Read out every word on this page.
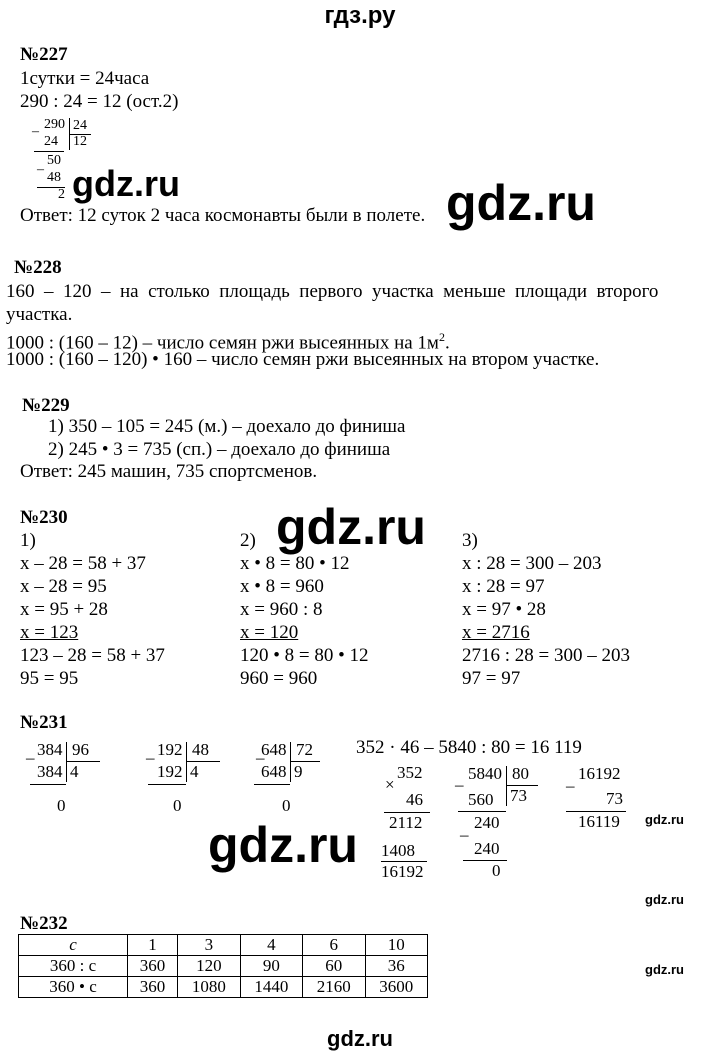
гдз.ру
№227
1сутки = 24часа
290 : 24 = 12 (ост.2)
– 290 24
24 12
50
–
48
2 gdz.ru	gdz.ru
Ответ: 12 суток 2 часа космонавты были в полете.
№228
160  –  120  –  на  столько  площадь  первого  участка  меньше  площади  второго
участка.
1000 : (160 – 12) – число семян ржи высеянных на $1м^2$.
1000 : (160 – 120) • 160 – число семян ржи высеянных на втором участке.
№229
1) 350 – 105 = 245 (м.) – доехало до финиша
2) 245 • 3 = 735 (сп.) – доехало до финиша
Ответ: 245 машин, 735 спортсменов.
№230	gdz.ru
1)
x – 28 = 58 + 37
x – 28 = 95
x = 95 + 28
x = 123
123 – 28 = 58 + 37
95 = 95
2)
x • 8 = 80 • 12
x • 8 = 960
x = 960 : 8
x = 120
120 • 8 = 80 • 12
960 = 960
3)
x : 28 = 300 – 203
x : 28 = 97
x = 97 • 28
x = 2716
2716 : 28 = 300 – 203
97 = 97
№231
352 · 46 – 5840 : 80 = 16 119
– 384 96
384 4
0
– 192 48
192 4
0
–
648 72
648 9
0
×
352
46
2112
1408
16192
–
5840 80
560 73
240
–
240
0
–
16192
73
16119 gdz.ru
gdz.ru
gdz.ru
№232
c	1	3	4	6	10
360 : c	360	120	90	60	36
360 • c	360	1080	1440	2160	3600
gdz.ru
gdz.ru
